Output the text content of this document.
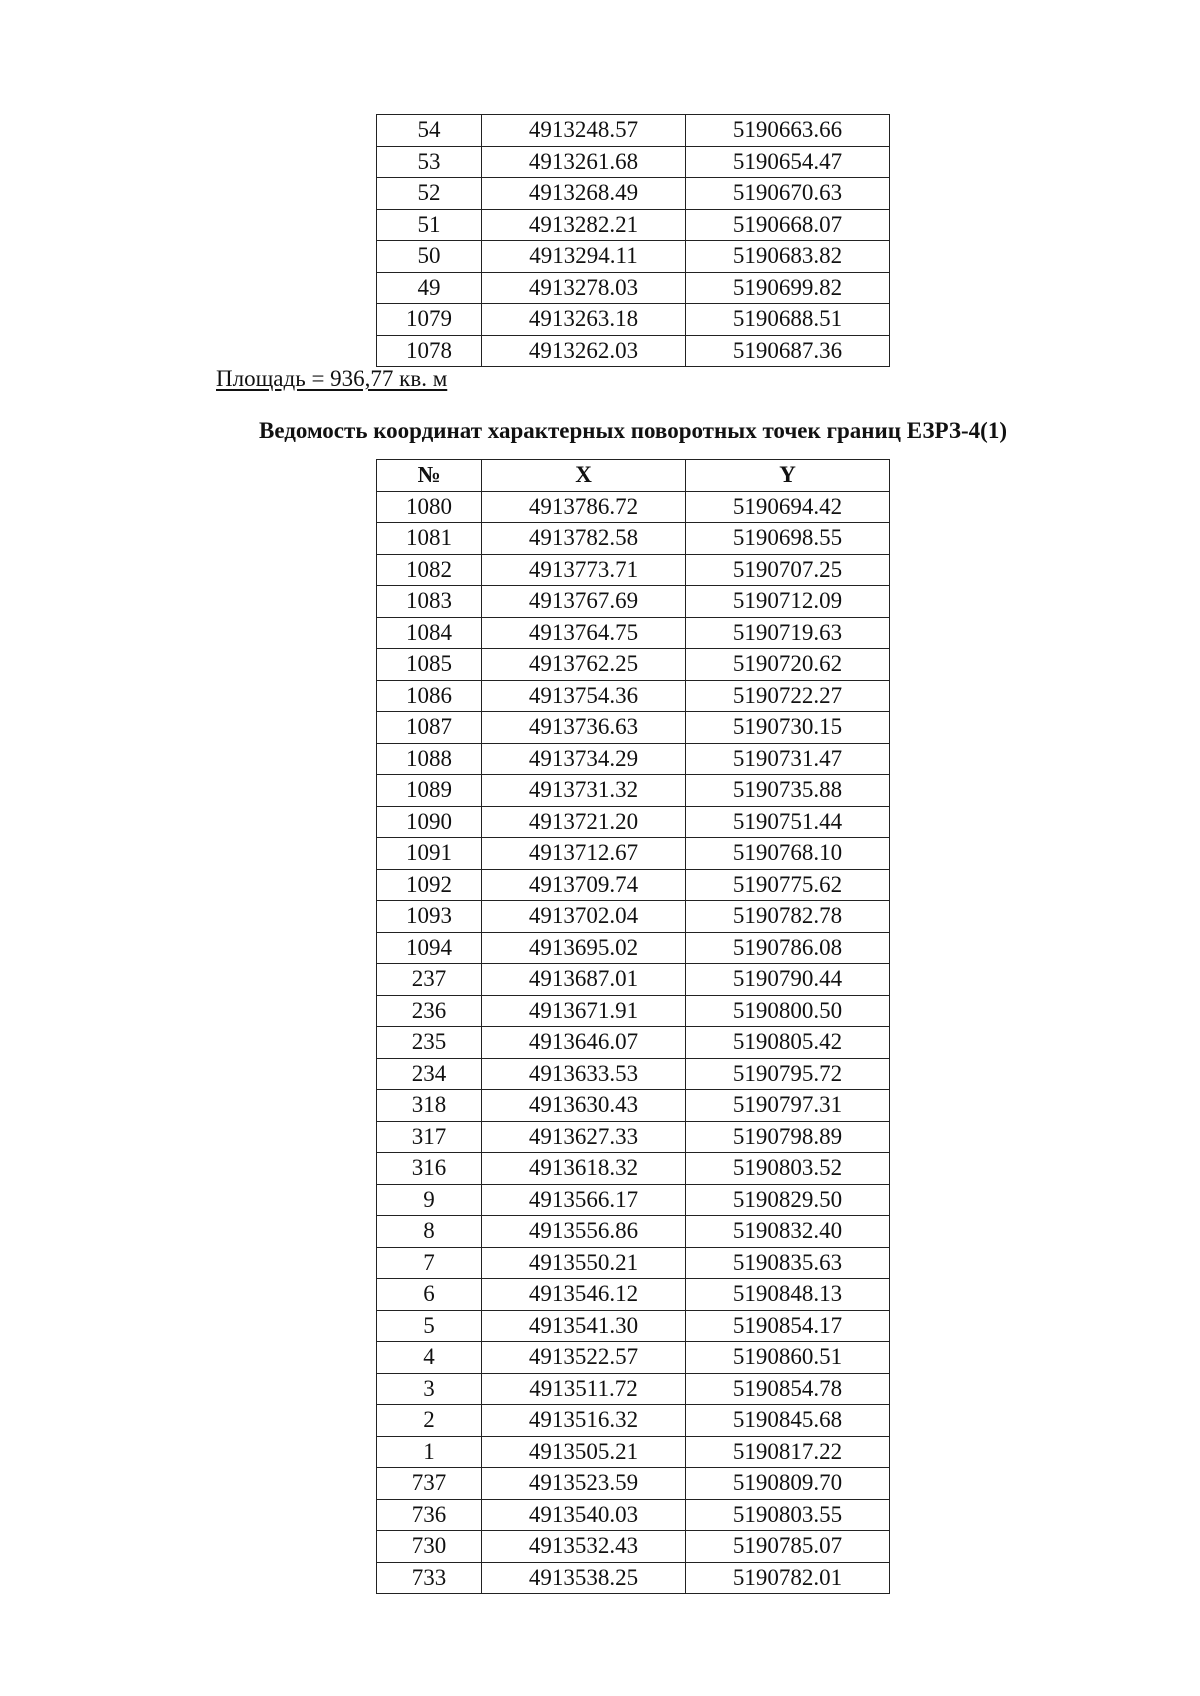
54	4913248.57	5190663.66
53	4913261.68	5190654.47
52	4913268.49	5190670.63
51	4913282.21	5190668.07
50	4913294.11	5190683.82
49	4913278.03	5190699.82
1079	4913263.18	5190688.51
1078	4913262.03	5190687.36
Площадь = 936,77 кв. м
Ведомость координат характерных поворотных точек границ ЕЗРЗ-4(1)
№	X	Y
1080	4913786.72	5190694.42
1081	4913782.58	5190698.55
1082	4913773.71	5190707.25
1083	4913767.69	5190712.09
1084	4913764.75	5190719.63
1085	4913762.25	5190720.62
1086	4913754.36	5190722.27
1087	4913736.63	5190730.15
1088	4913734.29	5190731.47
1089	4913731.32	5190735.88
1090	4913721.20	5190751.44
1091	4913712.67	5190768.10
1092	4913709.74	5190775.62
1093	4913702.04	5190782.78
1094	4913695.02	5190786.08
237	4913687.01	5190790.44
236	4913671.91	5190800.50
235	4913646.07	5190805.42
234	4913633.53	5190795.72
318	4913630.43	5190797.31
317	4913627.33	5190798.89
316	4913618.32	5190803.52
9	4913566.17	5190829.50
8	4913556.86	5190832.40
7	4913550.21	5190835.63
6	4913546.12	5190848.13
5	4913541.30	5190854.17
4	4913522.57	5190860.51
3	4913511.72	5190854.78
2	4913516.32	5190845.68
1	4913505.21	5190817.22
737	4913523.59	5190809.70
736	4913540.03	5190803.55
730	4913532.43	5190785.07
733	4913538.25	5190782.01
